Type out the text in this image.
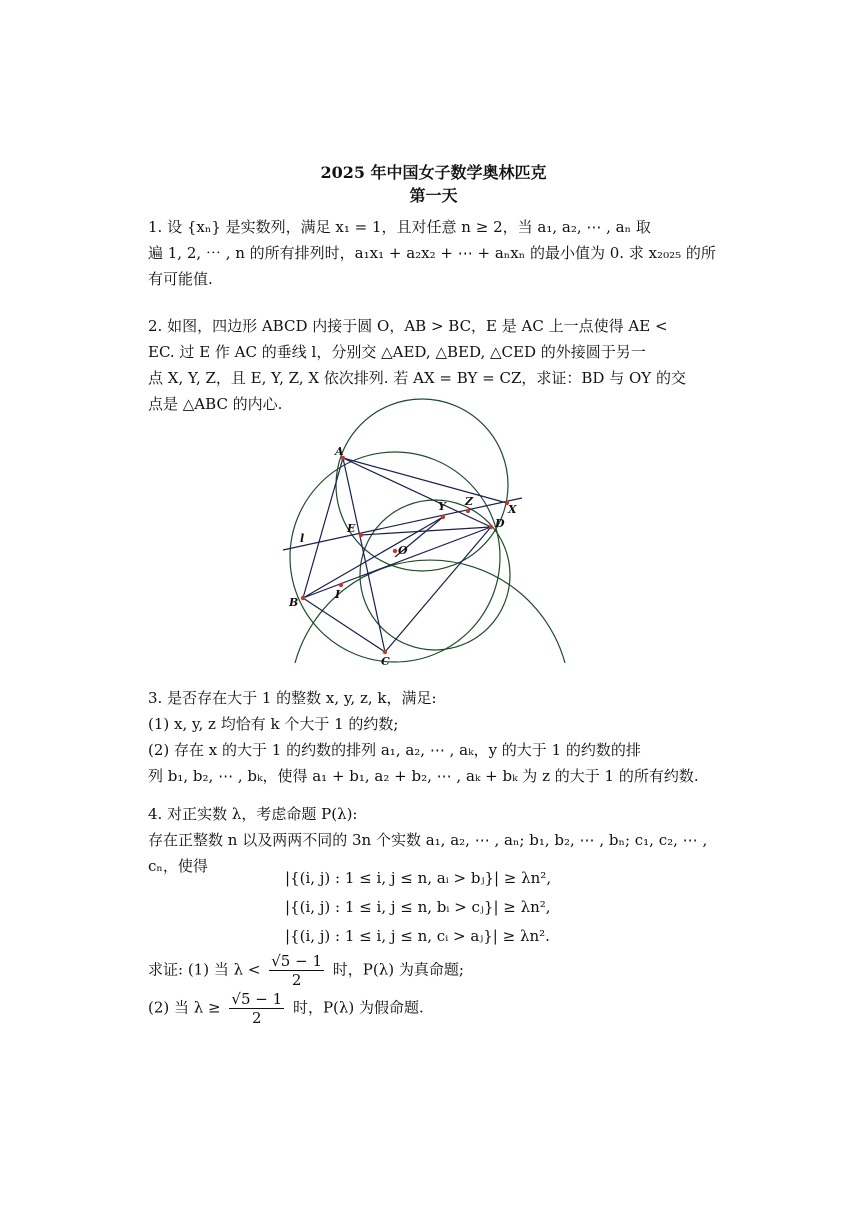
2025 年中国女子数学奥林匹克
第一天
1. 设 {xₙ} 是实数列，满足 x₁ = 1，且对任意 n ≥ 2，当 a₁, a₂, ⋯ , aₙ 取
遍 1, 2, ⋯ , n 的所有排列时，a₁x₁ + a₂x₂ + ⋯ + aₙxₙ 的最小值为 0. 求 x₂₀₂₅ 的所
有可能值.
2. 如图，四边形 ABCD 内接于圆 O，AB > BC，E 是 AC 上一点使得 AE <
EC. 过 E 作 AC 的垂线 l，分别交 △AED, △BED, △CED 的外接圆于另一
点 X, Y, Z，且 E, Y, Z, X 依次排列. 若 AX = BY = CZ，求证：BD 与 OY 的交
点是 △ABC 的内心.
A
B
C
D
E
X
Y Z
O
I
l
3. 是否存在大于 1 的整数 x, y, z, k，满足:
(1) x, y, z 均恰有 k 个大于 1 的约数;
(2) 存在 x 的大于 1 的约数的排列 a₁, a₂, ⋯ , aₖ，y 的大于 1 的约数的排
列 b₁, b₂, ⋯ , bₖ，使得 a₁ + b₁, a₂ + b₂, ⋯ , aₖ + bₖ 为 z 的大于 1 的所有约数.
4. 对正实数 λ，考虑命题 P(λ):
存在正整数 n 以及两两不同的 3n 个实数 a₁, a₂, ⋯ , aₙ; b₁, b₂, ⋯ , bₙ; c₁, c₂, ⋯ ,
cₙ，使得
|{(i, j) : 1 ≤ i, j ≤ n, aᵢ > bⱼ}| ≥ λn²,
|{(i, j) : 1 ≤ i, j ≤ n, bᵢ > cⱼ}| ≥ λn²,
|{(i, j) : 1 ≤ i, j ≤ n, cᵢ > aⱼ}| ≥ λn².
求证: (1) 当 $\lambda < \frac{√5 - 1}{2}$ 时，P(λ) 为真命题;
(2) 当 $\lambda \ge \frac{√5 - 1}{2}$ 时，P(λ) 为假命题.
